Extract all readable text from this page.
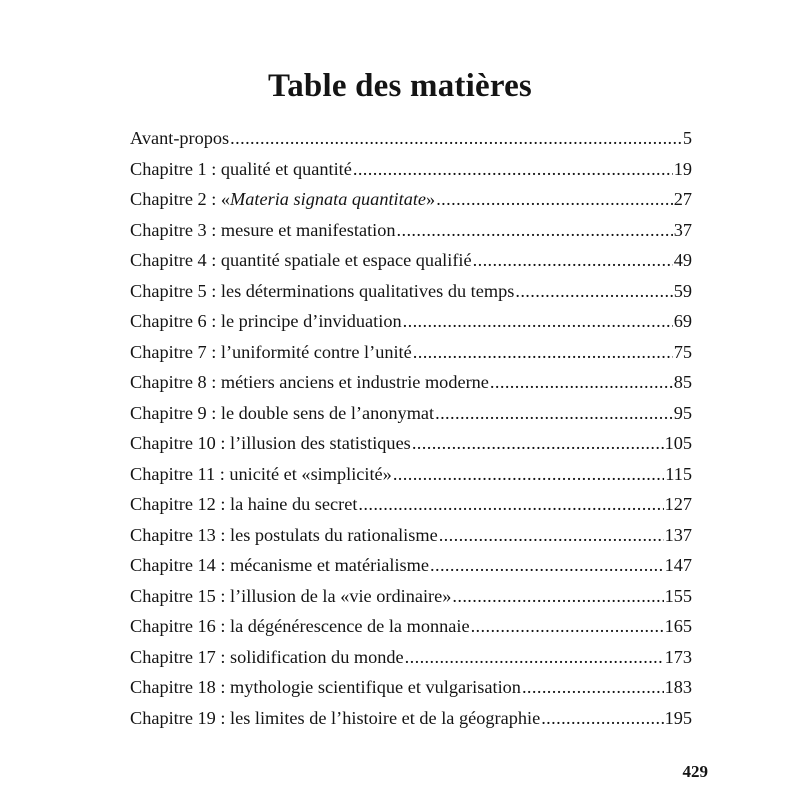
Table des matières
Avant-propos .....	5
Chapitre 1 : qualité et quantité .....	19
Chapitre 2 : «Materia signata quantitate» .....	27
Chapitre 3 : mesure et manifestation .....	37
Chapitre 4 : quantité spatiale et espace qualifié .....	49
Chapitre 5 : les déterminations qualitatives du temps .....	59
Chapitre 6 : le principe d’inviduation .....	69
Chapitre 7 : l’uniformité contre l’unité .....	75
Chapitre 8 : métiers anciens et industrie moderne .....	85
Chapitre 9 : le double sens de l’anonymat .....	95
Chapitre 10 : l’illusion des statistiques .....	105
Chapitre 11 : unicité et «simplicité» .....	115
Chapitre 12 : la haine du secret .....	127
Chapitre 13 : les postulats du rationalisme .....	137
Chapitre 14 : mécanisme et matérialisme .....	147
Chapitre 15 : l’illusion de la «vie ordinaire» .....	155
Chapitre 16 : la dégénérescence de la monnaie .....	165
Chapitre 17 : solidification du monde .....	173
Chapitre 18 : mythologie scientifique et vulgarisation .....	183
Chapitre 19 : les limites de l’histoire et de la géographie .....	195
429
